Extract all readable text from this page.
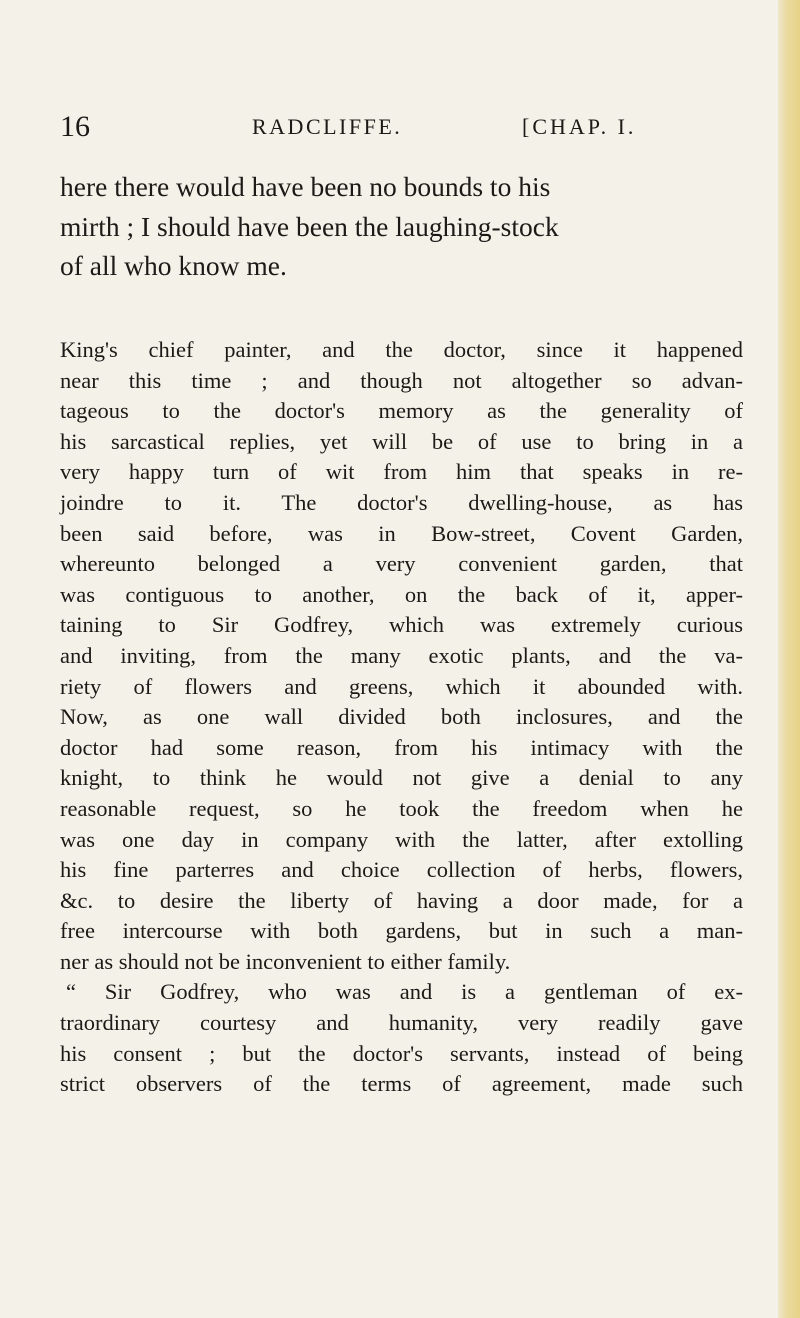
16	RADCLIFFE.	[CHAP. I.
here there would have been no bounds to his
mirth ; I should have been the laughing-stock
of all who know me.
King's chief painter, and the doctor, since it happened
near this time ; and though not altogether so advan-
tageous to the doctor's memory as the generality of
his sarcastical replies, yet will be of use to bring in a
very happy turn of wit from him that speaks in re-
joindre to it. The doctor's dwelling-house, as has
been said before, was in Bow-street, Covent Garden,
whereunto belonged a very convenient garden, that
was contiguous to another, on the back of it, apper-
taining to Sir Godfrey, which was extremely curious
and inviting, from the many exotic plants, and the va-
riety of flowers and greens, which it abounded with.
Now, as one wall divided both inclosures, and the
doctor had some reason, from his intimacy with the
knight, to think he would not give a denial to any
reasonable request, so he took the freedom when he
was one day in company with the latter, after extolling
his fine parterres and choice collection of herbs, flowers,
&c. to desire the liberty of having a door made, for a
free intercourse with both gardens, but in such a man-
ner as should not be inconvenient to either family.
“ Sir Godfrey, who was and is a gentleman of ex-
traordinary courtesy and humanity, very readily gave
his consent ; but the doctor's servants, instead of being
strict observers of the terms of agreement, made such
